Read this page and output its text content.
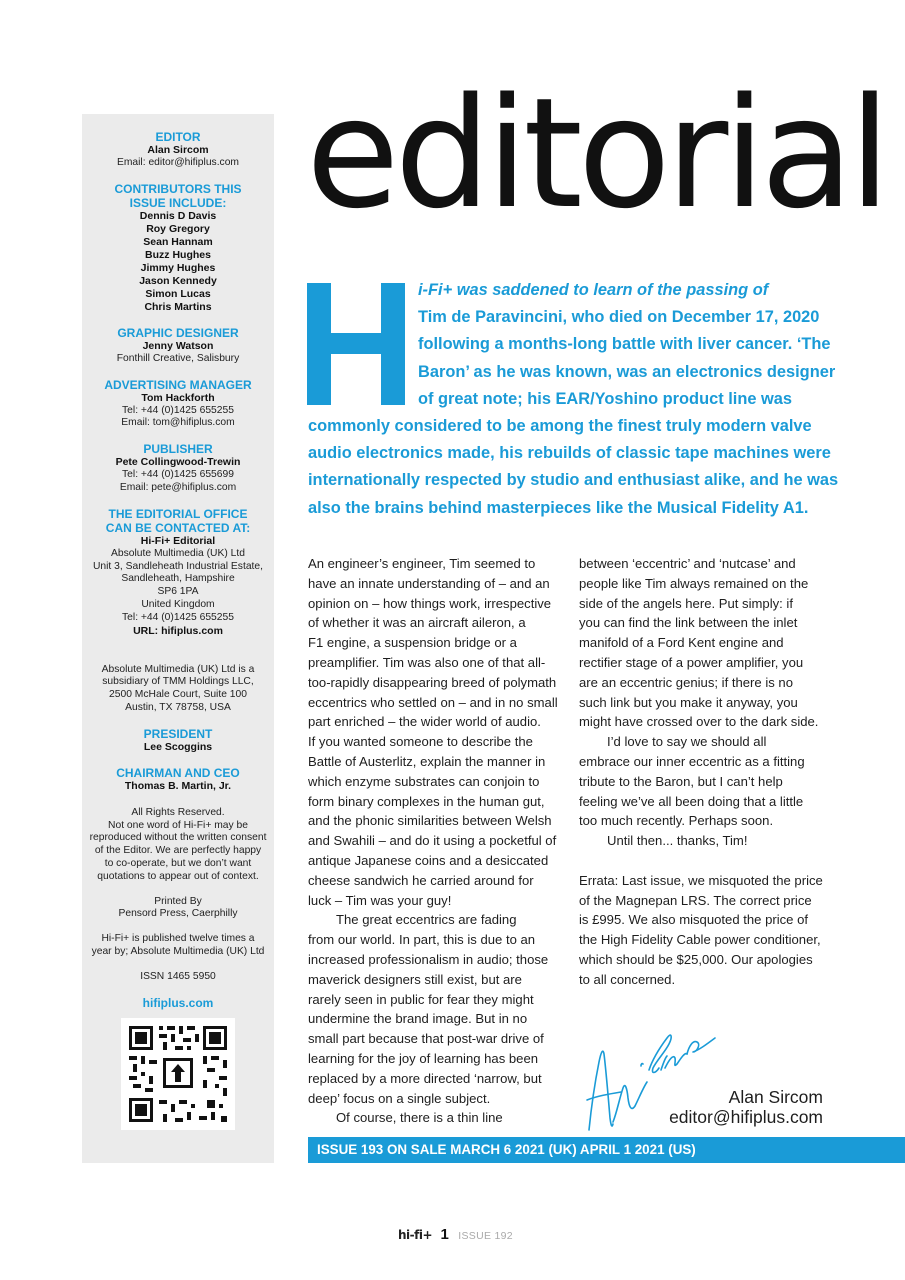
EDITOR
Alan Sircom
Email: editor@hifiplus.com
CONTRIBUTORS THIS
ISSUE INCLUDE:
Dennis D Davis
Roy Gregory
Sean Hannam
Buzz Hughes
Jimmy Hughes
Jason Kennedy
Simon Lucas
Chris Martins
GRAPHIC DESIGNER
Jenny Watson
Fonthill Creative, Salisbury
ADVERTISING MANAGER
Tom Hackforth
Tel: +44 (0)1425 655255
Email: tom@hifiplus.com
PUBLISHER
Pete Collingwood-Trewin
Tel: +44 (0)1425 655699
Email: pete@hifiplus.com
THE EDITORIAL OFFICE
CAN BE CONTACTED AT:
Hi-Fi+ Editorial
Absolute Multimedia (UK) Ltd
Unit 3, Sandleheath Industrial Estate,
Sandleheath, Hampshire
SP6 1PA
United Kingdom
Tel: +44 (0)1425 655255
URL: hifiplus.com
Absolute Multimedia (UK) Ltd is a
subsidiary of TMM Holdings LLC,
2500 McHale Court, Suite 100
Austin, TX 78758, USA
PRESIDENT
Lee Scoggins
CHAIRMAN AND CEO
Thomas B. Martin, Jr.
All Rights Reserved.
Not one word of Hi-Fi+ may be
reproduced without the written consent
of the Editor. We are perfectly happy
to co-operate, but we don’t want
quotations to appear out of context.
Printed By
Pensord Press, Caerphilly
Hi-Fi+ is published twelve times a
year by; Absolute Multimedia (UK) Ltd
ISSN 1465 5950
hifiplus.com
editorial
i-Fi+ was saddened to learn of the passing of
Tim de Paravincini, who died on December 17, 2020
following a months-long battle with liver cancer. ‘The
Baron’ as he was known, was an electronics designer
of great note; his EAR/Yoshino product line was
commonly considered to be among the finest truly modern valve
audio electronics made, his rebuilds of classic tape machines were
internationally respected by studio and enthusiast alike, and he was
also the brains behind masterpieces like the Musical Fidelity A1.
An engineer’s engineer, Tim seemed to
have an innate understanding of – and an
opinion on – how things work, irrespective
of whether it was an aircraft aileron, a
F1 engine, a suspension bridge or a
preamplifier. Tim was also one of that all-
too-rapidly disappearing breed of polymath
eccentrics who settled on – and in no small
part enriched – the wider world of audio.
If you wanted someone to describe the
Battle of Austerlitz, explain the manner in
which enzyme substrates can conjoin to
form binary complexes in the human gut,
and the phonic similarities between Welsh
and Swahili – and do it using a pocketful of
antique Japanese coins and a desiccated
cheese sandwich he carried around for
luck – Tim was your guy!
The great eccentrics are fading
from our world. In part, this is due to an
increased professionalism in audio; those
maverick designers still exist, but are
rarely seen in public for fear they might
undermine the brand image. But in no
small part because that post-war drive of
learning for the joy of learning has been
replaced by a more directed ‘narrow, but
deep’ focus on a single subject.
Of course, there is a thin line
between ‘eccentric’ and ‘nutcase’ and
people like Tim always remained on the
side of the angels here. Put simply: if
you can find the link between the inlet
manifold of a Ford Kent engine and
rectifier stage of a power amplifier, you
are an eccentric genius; if there is no
such link but you make it anyway, you
might have crossed over to the dark side.
I’d love to say we should all
embrace our inner eccentric as a fitting
tribute to the Baron, but I can’t help
feeling we’ve all been doing that a little
too much recently. Perhaps soon.
Until then... thanks, Tim!
Errata: Last issue, we misquoted the price
of the Magnepan LRS. The correct price
is £995. We also misquoted the price of
the High Fidelity Cable power conditioner,
which should be $25,000. Our apologies
to all concerned.
Alan Sircom
editor@hifiplus.com
ISSUE 193 ON SALE MARCH 6 2021 (UK) APRIL 1 2021 (US)
hi-fi+ 1 ISSUE 192
